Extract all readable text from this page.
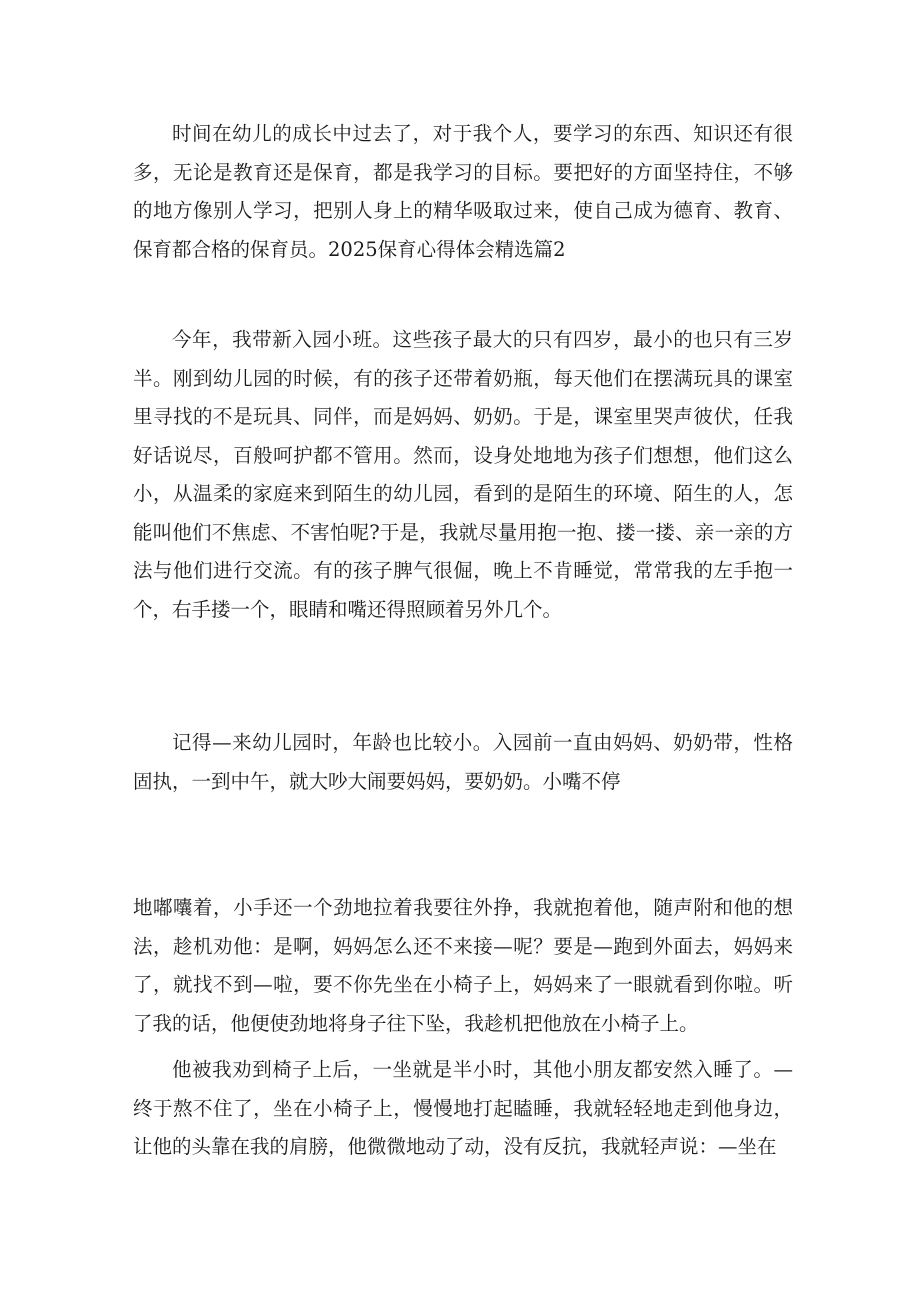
时间在幼儿的成长中过去了，对于我个人，要学习的东西、知识还有很多，无论是教育还是保育，都是我学习的目标。要把好的方面坚持住，不够的地方像别人学习，把别人身上的精华吸取过来，使自己成为德育、教育、保育都合格的保育员。2025保育心得体会精选篇2

今年，我带新入园小班。这些孩子最大的只有四岁，最小的也只有三岁半。刚到幼儿园的时候，有的孩子还带着奶瓶，每天他们在摆满玩具的课室里寻找的不是玩具、同伴，而是妈妈、奶奶。于是，课室里哭声彼伏，任我好话说尽，百般呵护都不管用。然而，设身处地地为孩子们想想，他们这么小，从温柔的家庭来到陌生的幼儿园，看到的是陌生的环境、陌生的人，怎能叫他们不焦虑、不害怕呢?于是，我就尽量用抱一抱、搂一搂、亲一亲的方法与他们进行交流。有的孩子脾气很倔，晚上不肯睡觉，常常我的左手抱一个，右手搂一个，眼睛和嘴还得照顾着另外几个。

记得—来幼儿园时，年龄也比较小。入园前一直由妈妈、奶奶带，性格固执，一到中午，就大吵大闹要妈妈，要奶奶。小嘴不停

地嘟囔着，小手还一个劲地拉着我要往外挣，我就抱着他，随声附和他的想法，趁机劝他：是啊，妈妈怎么还不来接—呢？要是—跑到外面去，妈妈来了，就找不到—啦，要不你先坐在小椅子上，妈妈来了一眼就看到你啦。听了我的话，他便使劲地将身子往下坠，我趁机把他放在小椅子上。

他被我劝到椅子上后，一坐就是半小时，其他小朋友都安然入睡了。—终于熬不住了，坐在小椅子上，慢慢地打起瞌睡，我就轻轻地走到他身边，让他的头靠在我的肩膀，他微微地动了动，没有反抗，我就轻声说：—坐在
